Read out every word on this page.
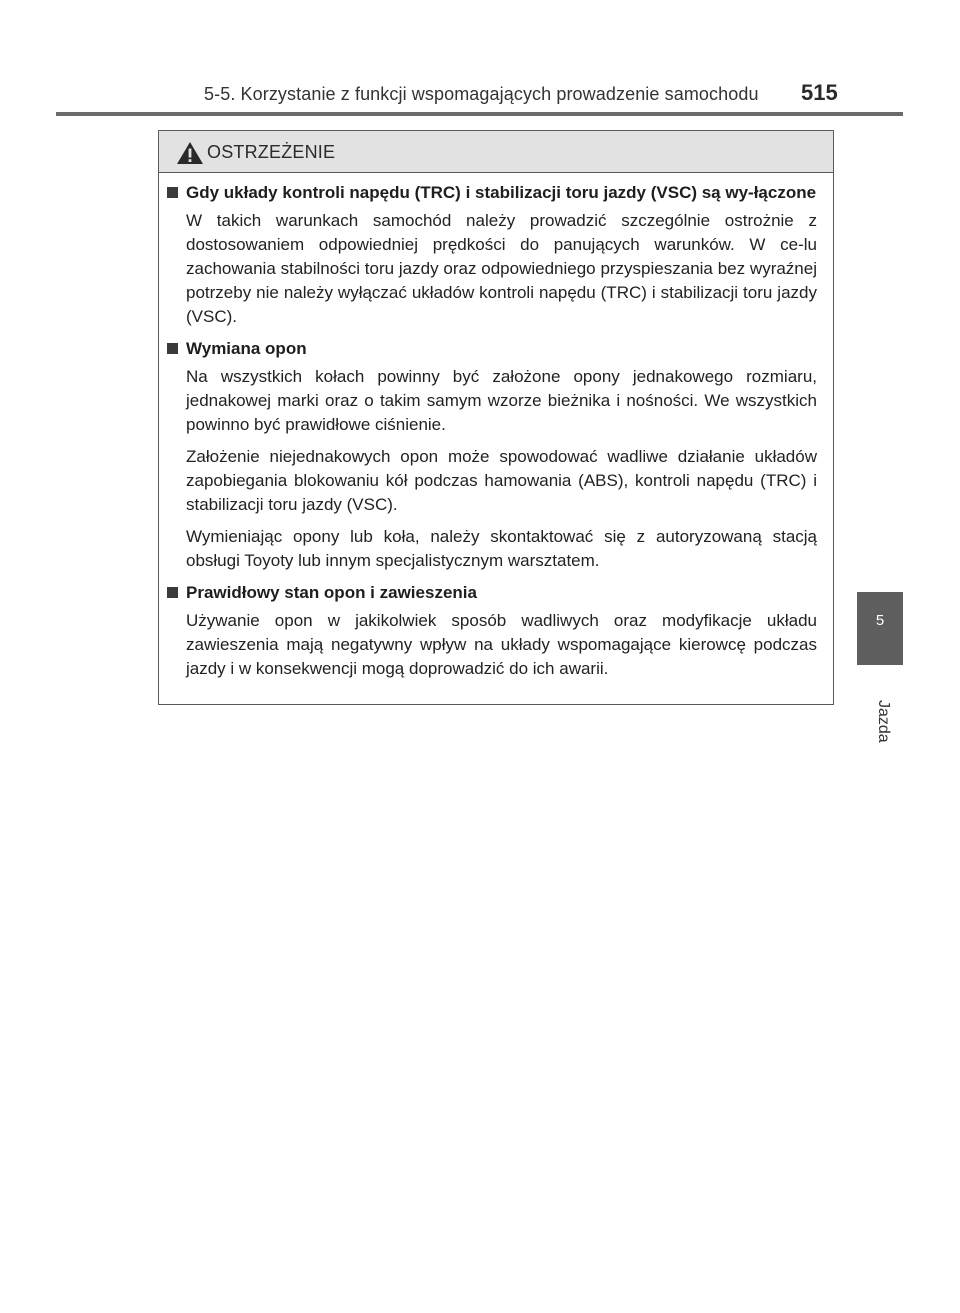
5-5. Korzystanie z funkcji wspomagających prowadzenie samochodu 515
5
Jazda
OSTRZEŻENIE
Gdy układy kontroli napędu (TRC) i stabilizacji toru jazdy (VSC) są wy-łączone

W takich warunkach samochód należy prowadzić szczególnie ostrożnie z dostosowaniem odpowiedniej prędkości do panujących warunków. W ce-lu zachowania stabilności toru jazdy oraz odpowiedniego przyspieszania bez wyraźnej potrzeby nie należy wyłączać układów kontroli napędu (TRC) i stabilizacji toru jazdy (VSC).

Wymiana opon

Na wszystkich kołach powinny być założone opony jednakowego rozmiaru, jednakowej marki oraz o takim samym wzorze bieżnika i nośności. We wszystkich powinno być prawidłowe ciśnienie.

Założenie niejednakowych opon może spowodować wadliwe działanie układów zapobiegania blokowaniu kół podczas hamowania (ABS), kontroli napędu (TRC) i stabilizacji toru jazdy (VSC).

Wymieniając opony lub koła, należy skontaktować się z autoryzowaną stacją obsługi Toyoty lub innym specjalistycznym warsztatem.

Prawidłowy stan opon i zawieszenia

Używanie opon w jakikolwiek sposób wadliwych oraz modyfikacje układu zawieszenia mają negatywny wpływ na układy wspomagające kierowcę podczas jazdy i w konsekwencji mogą doprowadzić do ich awarii.
